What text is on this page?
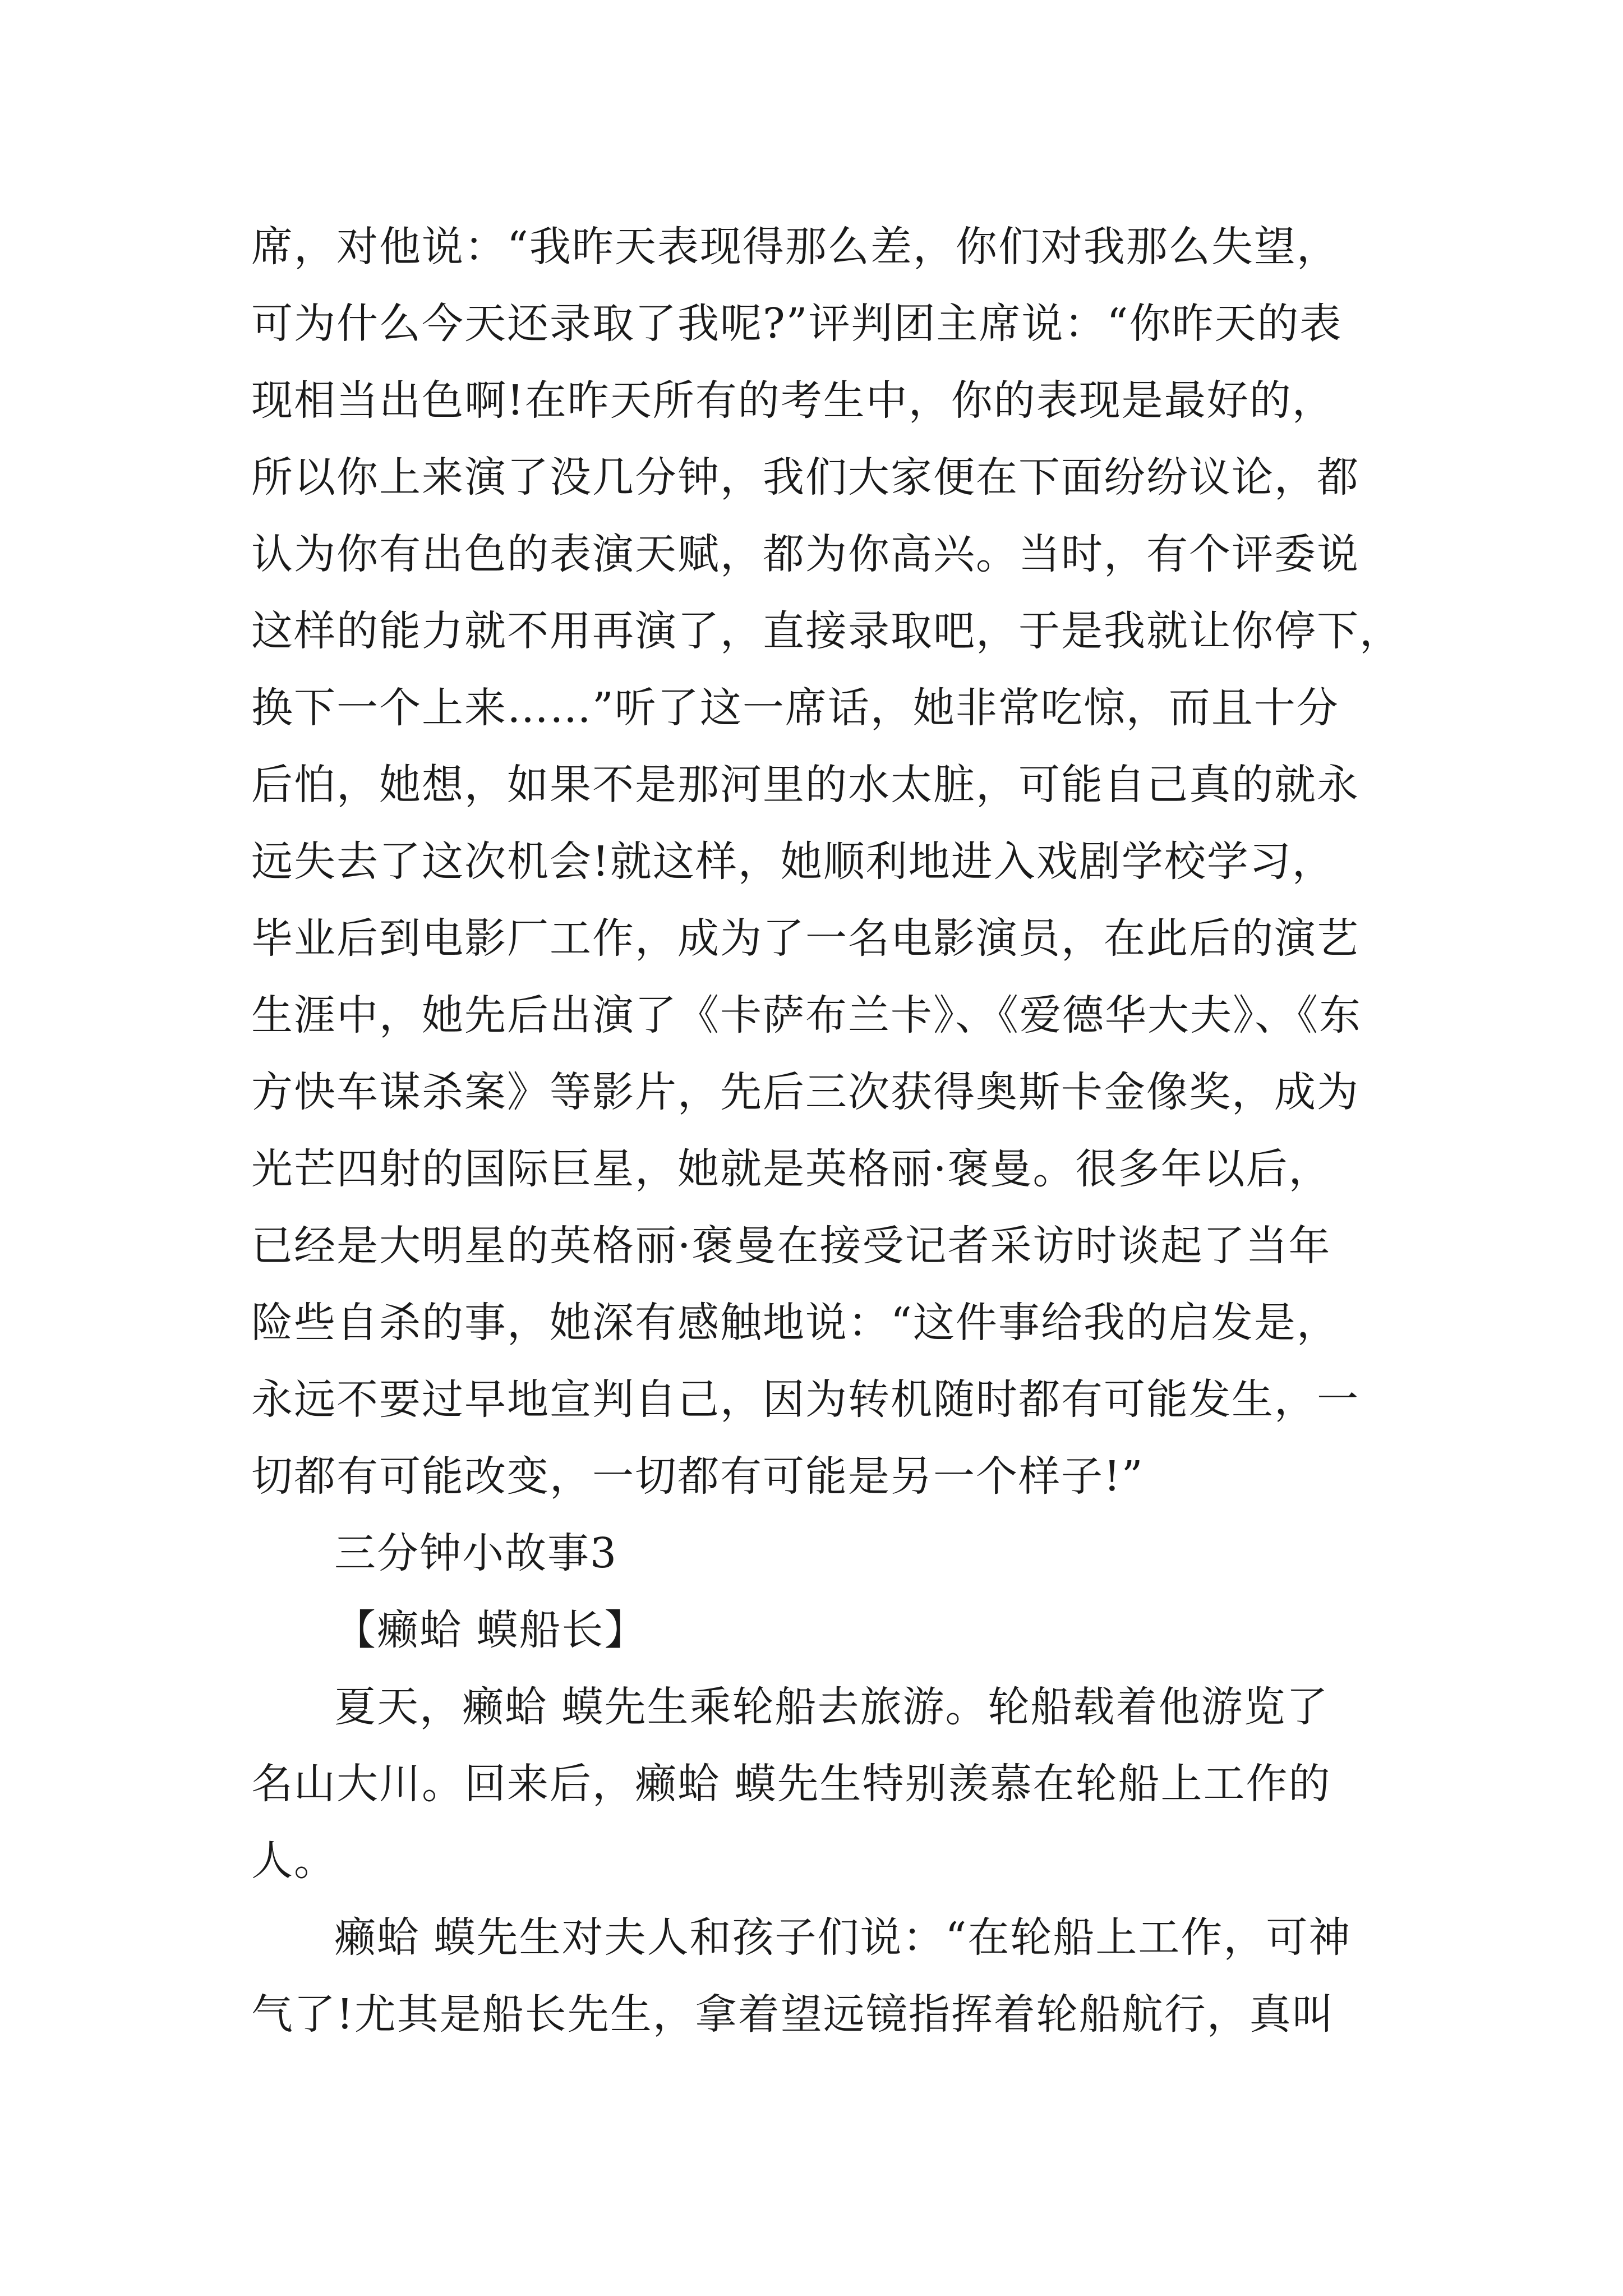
席，对他说：“我昨天表现得那么差，你们对我那么失望，
可为什么今天还录取了我呢?”评判团主席说：“你昨天的表
现相当出色啊!在昨天所有的考生中，你的表现是最好的，
所以你上来演了没几分钟，我们大家便在下面纷纷议论，都
认为你有出色的表演天赋，都为你高兴。当时，有个评委说
这样的能力就不用再演了，直接录取吧，于是我就让你停下，
换下一个上来……”听了这一席话，她非常吃惊，而且十分
后怕，她想，如果不是那河里的水太脏，可能自己真的就永
远失去了这次机会!就这样，她顺利地进入戏剧学校学习，
毕业后到电影厂工作，成为了一名电影演员，在此后的演艺
生涯中，她先后出演了《卡萨布兰卡》、《爱德华大夫》、《东
方快车谋杀案》等影片，先后三次获得奥斯卡金像奖，成为
光芒四射的国际巨星，她就是英格丽·褒曼。很多年以后，
已经是大明星的英格丽·褒曼在接受记者采访时谈起了当年
险些自杀的事，她深有感触地说：“这件事给我的启发是，
永远不要过早地宣判自己，因为转机随时都有可能发生，一
切都有可能改变，一切都有可能是另一个样子!”
三分钟小故事3
【癞蛤 蟆船长】
夏天，癞蛤 蟆先生乘轮船去旅游。轮船载着他游览了
名山大川。回来后，癞蛤 蟆先生特别羡慕在轮船上工作的
人。
癞蛤 蟆先生对夫人和孩子们说：“在轮船上工作，可神
气了!尤其是船长先生，拿着望远镜指挥着轮船航行，真叫
